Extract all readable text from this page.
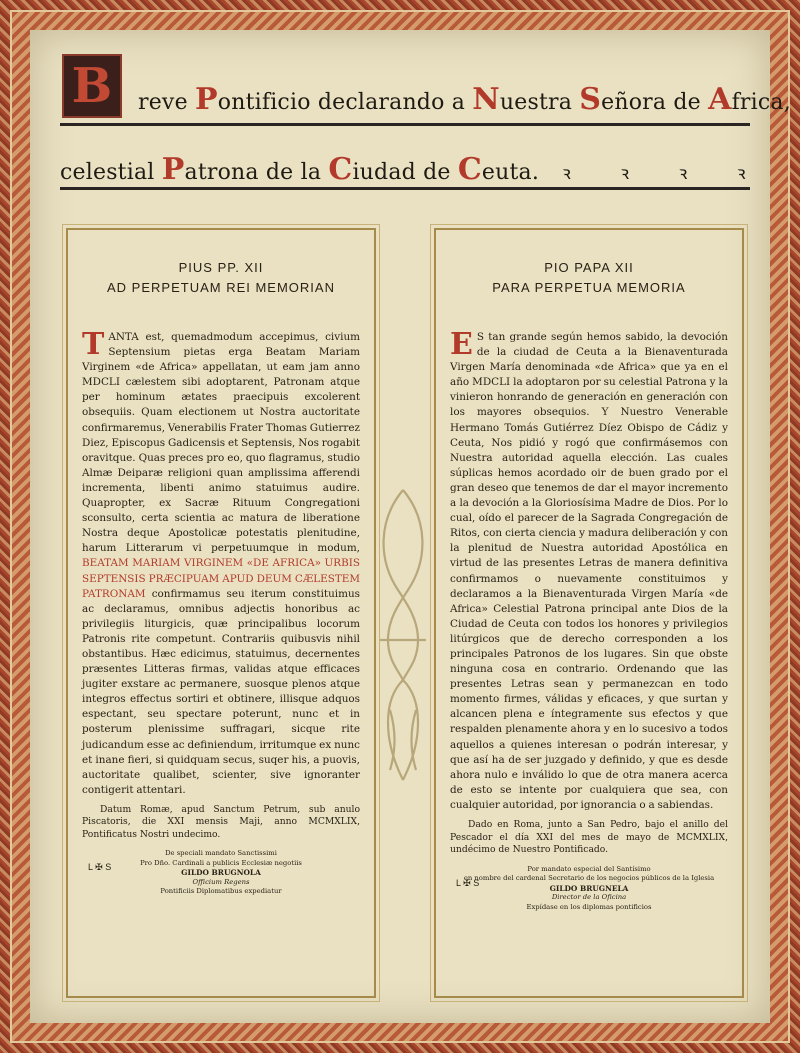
B reve Pontificio declarando a Nuestra Señora de Africa,
celestial Patrona de la Ciudad de Ceuta. ꝛ ꝛ ꝛ ꝛ
PIUS PP. XII
AD PERPETUAM REI MEMORIAN
T ANTA est, quemadmodum accepimus, civium Septensium pietas erga Beatam Mariam Virginem «de Africa» appellatan, ut eam jam anno MDCLI cælestem sibi adoptarent, Patronam atque per hominum ætates praecipuis excolerent obsequiis. Quam electionem ut Nostra auctoritate confirmaremus, Venerabilis Frater Thomas Gutierrez Diez, Episcopus Gadicensis et Septensis, Nos rogabit oravitque. Quas preces pro eo, quo flagramus, studio Almæ Deiparæ religioni quan amplissima afferendi incrementa, libenti animo statuimus audire. Quapropter, ex Sacræ Rituum Congregationi sconsulto, certa scientia ac matura de liberatione Nostra deque Apostolicæ potestatis plenitudine, harum Litterarum vi perpetuumque in modum, BEATAM MARIAM VIRGINEM «DE AFRICA» URBIS SEPTENSIS PRÆCIPUAM APUD DEUM CÆLESTEM PATRONAM confirmamus seu iterum constituimus ac declaramus, omnibus adjectis honoribus ac privilegiis liturgicis, quæ principalibus locorum Patronis rite competunt. Contrariis quibusvis nihil obstantibus. Hæc edicimus, statuimus, decernentes præsentes Litteras firmas, validas atque efficaces jugiter exstare ac permanere, suosque plenos atque integros effectus sortiri et obtinere, illisque adquos espectant, seu spectare poterunt, nunc et in posterum plenissime suffragari, sicque rite judicandum esse ac definiendum, irritumque ex nunc et inane fieri, si quidquam secus, suqer his, a puovis, auctoritate qualibet, scienter, sive ignoranter contigerit attentari.
Datum Romæ, apud Sanctum Petrum, sub anulo Piscatoris, die XXI mensis Maji, anno MCMXLIX, Pontificatus Nostri undecimo.
L ✠ S
De speciali mandato Sanctissimi
Pro Dño. Cardinali a publicis Ecclesiæ negotiis
GILDO BRUGNOLA
Officium Regens
Pontificiis Diplomatibus expediatur
PIO PAPA XII
PARA PERPETUA MEMORIA
E S tan grande según hemos sabido, la devoción de la ciudad de Ceuta a la Bienaventurada Virgen María denominada «de Africa» que ya en el año MDCLI la adoptaron por su celestial Patrona y la vinieron honrando de generación en generación con los mayores obsequios. Y Nuestro Venerable Hermano Tomás Gutiérrez Díez Obispo de Cádiz y Ceuta, Nos pidió y rogó que confirmásemos con Nuestra autoridad aquella elección. Las cuales súplicas hemos acordado oir de buen grado por el gran deseo que tenemos de dar el mayor incremento a la devoción a la Gloriosísima Madre de Dios. Por lo cual, oído el parecer de la Sagrada Congregación de Ritos, con cierta ciencia y madura deliberación y con la plenitud de Nuestra autoridad Apostólica en virtud de las presentes Letras de manera definitiva confirmamos o nuevamente constituimos y declaramos a la Bienaventurada Virgen María «de Africa» Celestial Patrona principal ante Dios de la Ciudad de Ceuta con todos los honores y privilegios litúrgicos que de derecho corresponden a los principales Patronos de los lugares. Sin que obste ninguna cosa en contrario. Ordenando que las presentes Letras sean y permanezcan en todo momento firmes, válidas y eficaces, y que surtan y alcancen plena e íntegramente sus efectos y que respalden plenamente ahora y en lo sucesivo a todos aquellos a quienes interesan o podrán interesar, y que así ha de ser juzgado y definido, y que es desde ahora nulo e inválido lo que de otra manera acerca de esto se intente por cualquiera que sea, con cualquier autoridad, por ignorancia o a sabiendas.
Dado en Roma, junto a San Pedro, bajo el anillo del Pescador el día XXI del mes de mayo de MCMXLIX, undécimo de Nuestro Pontificado.
L ✠ S
Por mandato especial del Santísimo
en nombre del cardenal Secretario de los negocios públicos de la Iglesia
GILDO BRUGNELA
Director de la Oficina
Expídase en los diplomas pontificios
